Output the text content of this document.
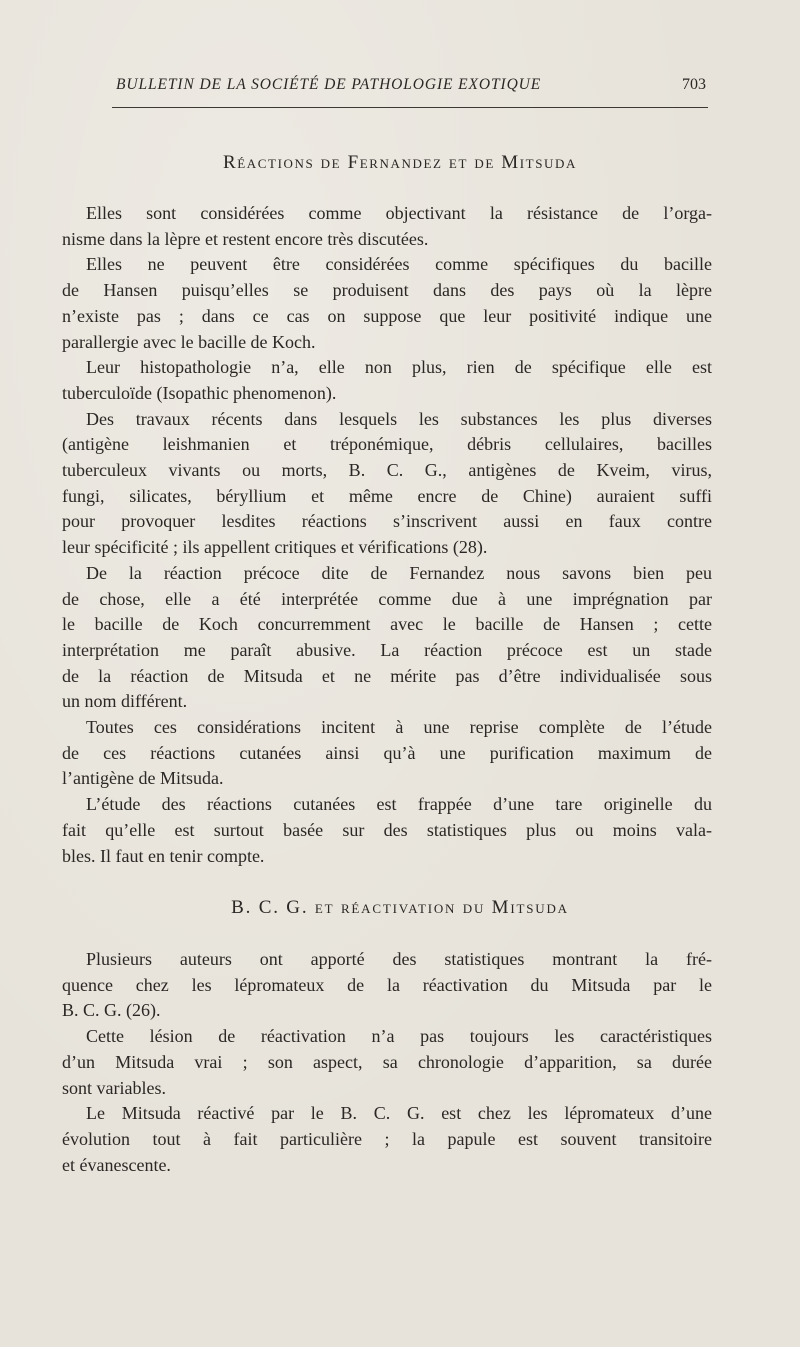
BULLETIN DE LA SOCIÉTÉ DE PATHOLOGIE EXOTIQUE	703
Réactions de Fernandez et de Mitsuda

Elles sont considérées comme objectivant la résistance de l’orga-
nisme dans la lèpre et restent encore très discutées.

Elles ne peuvent être considérées comme spécifiques du bacille
de Hansen puisqu’elles se produisent dans des pays où la lèpre
n’existe pas ; dans ce cas on suppose que leur positivité indique une
parallergie avec le bacille de Koch.

Leur histopathologie n’a, elle non plus, rien de spécifique elle est
tuberculoïde (Isopathic phenomenon).

Des travaux récents dans lesquels les substances les plus diverses
(antigène leishmanien et tréponémique, débris cellulaires, bacilles
tuberculeux vivants ou morts, B. C. G., antigènes de Kveim, virus,
fungi, silicates, béryllium et même encre de Chine) auraient suffi
pour provoquer lesdites réactions s’inscrivent aussi en faux contre
leur spécificité ; ils appellent critiques et vérifications (28).

De la réaction précoce dite de Fernandez nous savons bien peu
de chose, elle a été interprétée comme due à une imprégnation par
le bacille de Koch concurremment avec le bacille de Hansen ; cette
interprétation me paraît abusive. La réaction précoce est un stade
de la réaction de Mitsuda et ne mérite pas d’être individualisée sous
un nom différent.

Toutes ces considérations incitent à une reprise complète de l’étude
de ces réactions cutanées ainsi qu’à une purification maximum de
l’antigène de Mitsuda.

L’étude des réactions cutanées est frappée d’une tare originelle du
fait qu’elle est surtout basée sur des statistiques plus ou moins vala-
bles. Il faut en tenir compte.

B. C. G. et réactivation du Mitsuda

Plusieurs auteurs ont apporté des statistiques montrant la fré-
quence chez les lépromateux de la réactivation du Mitsuda par le
B. C. G. (26).

Cette lésion de réactivation n’a pas toujours les caractéristiques
d’un Mitsuda vrai ; son aspect, sa chronologie d’apparition, sa durée
sont variables.

Le Mitsuda réactivé par le B. C. G. est chez les lépromateux d’une
évolution tout à fait particulière ; la papule est souvent transitoire
et évanescente.
